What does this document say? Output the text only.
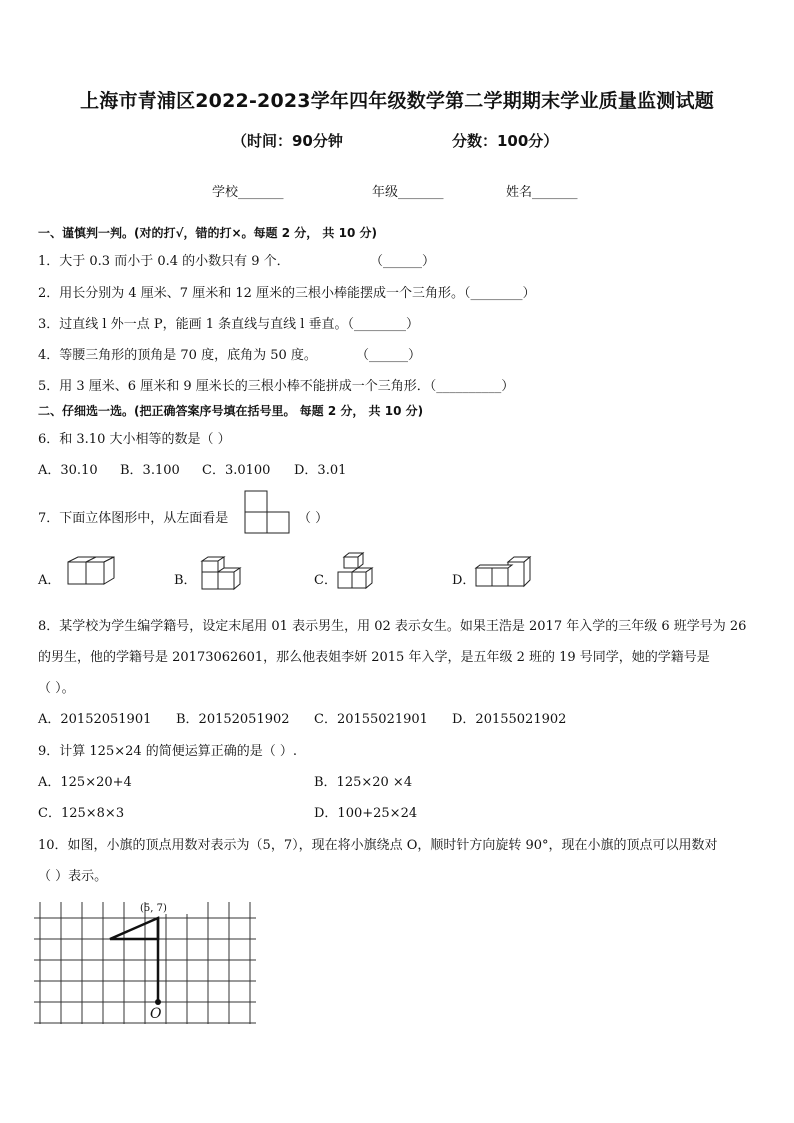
上海市青浦区2022-2023学年四年级数学第二学期期末学业质量监测试题
（时间：90分钟	分数：100分）
学校_______	年级_______	姓名_______
一、谨慎判一判。(对的打√，错的打×。每题 2 分， 共 10 分)
1．大于 0.3 而小于 0.4 的小数只有 9 个．	（______）
2．用长分别为 4 厘米、7 厘米和 12 厘米的三根小棒能摆成一个三角形。（________）
3．过直线 l 外一点 P，能画 1 条直线与直线 l 垂直。（________）
4．等腰三角形的顶角是 70 度，底角为 50 度。	（______）
5．用 3 厘米、6 厘米和 9 厘米长的三根小棒不能拼成一个三角形．（__________）
二、仔细选一选。(把正确答案序号填在括号里。 每题 2 分， 共 10 分)
6．和 3.10 大小相等的数是（ ）
A．30.10 B．3.100 C．3.0100 D．3.01
7．下面立体图形中，从左面看是	（ ）
A．	B．	C．	D．
8．某学校为学生编学籍号，设定末尾用 01 表示男生，用 02 表示女生。如果王浩是 2017 年入学的三年级 6 班学号为 26
的男生，他的学籍号是 20173062601，那么他表姐李妍 2015 年入学，是五年级 2 班的 19 号同学，她的学籍号是
（ ）。
A．20152051901 B．20152051902 C．20155021901 D．20155021902
9．计算 125×24 的简便运算正确的是（ ）.
A．125×20+4	B．125×20 ×4
C．125×8×3	D．100+25×24
10．如图，小旗的顶点用数对表示为（5，7），现在将小旗绕点 O，顺时针方向旋转 90°，现在小旗的顶点可以用数对
（ ）表示。
(5, 7)
O
